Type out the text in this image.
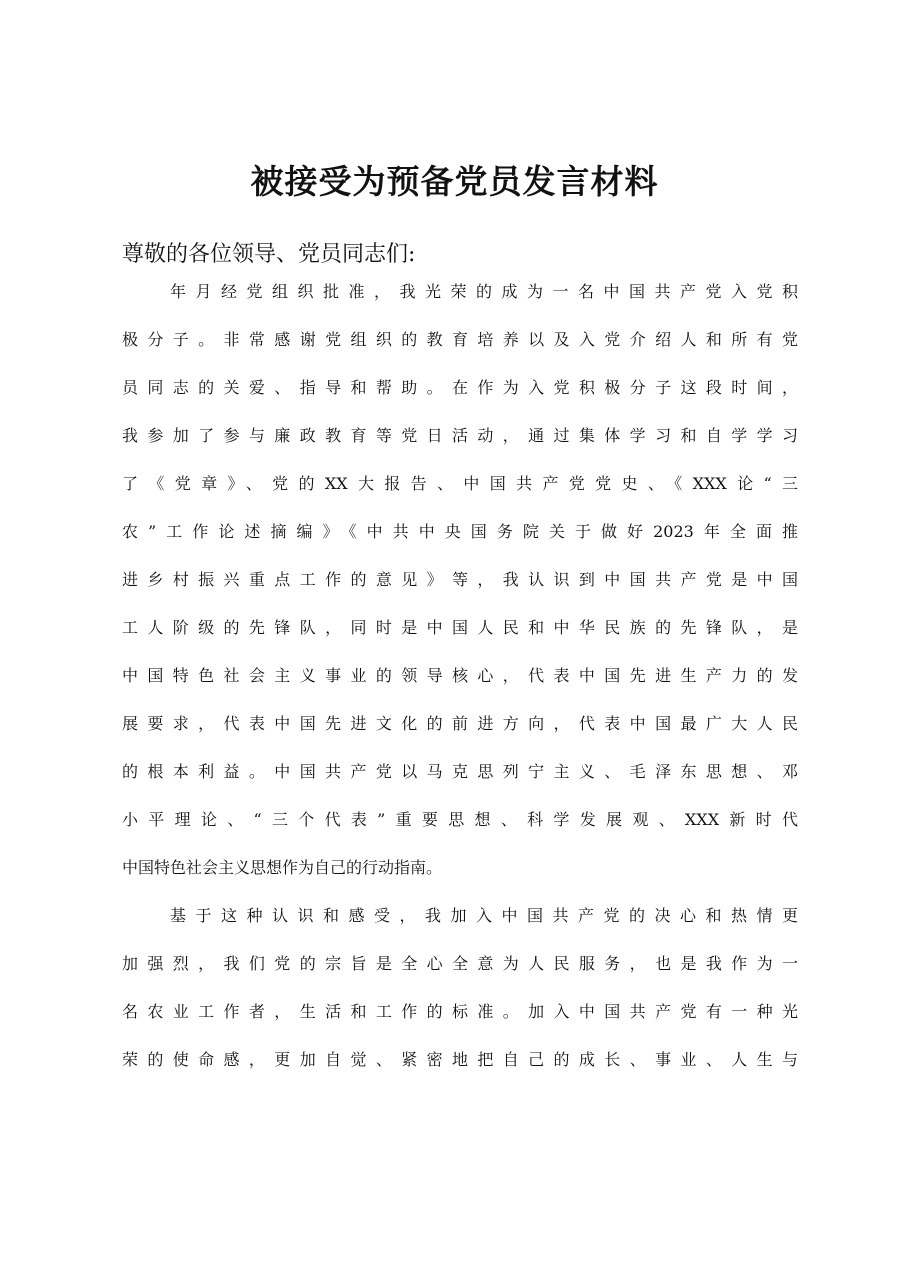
被接受为预备党员发言材料

尊敬的各位领导、党员同志们:

年月经党组织批准，我光荣的成为一名中国共产党入党积
极分子。非常感谢党组织的教育培养以及入党介绍人和所有党
员同志的关爱、指导和帮助。在作为入党积极分子这段时间，
我参加了参与廉政教育等党日活动，通过集体学习和自学学习
了《党章》、党的XX大报告、中国共产党党史、《XXX论“三
农”工作论述摘编》《中共中央国务院关于做好2023年全面推
进乡村振兴重点工作的意见》等，我认识到中国共产党是中国
工人阶级的先锋队，同时是中国人民和中华民族的先锋队，是
中国特色社会主义事业的领导核心，代表中国先进生产力的发
展要求，代表中国先进文化的前进方向，代表中国最广大人民
的根本利益。中国共产党以马克思列宁主义、毛泽东思想、邓
小平理论、“三个代表”重要思想、科学发展观、XXX新时代
中国特色社会主义思想作为自己的行动指南。
基于这种认识和感受，我加入中国共产党的决心和热情更
加强烈，我们党的宗旨是全心全意为人民服务，也是我作为一
名农业工作者，生活和工作的标准。加入中国共产党有一种光
荣的使命感，更加自觉、紧密地把自己的成长、事业、人生与
